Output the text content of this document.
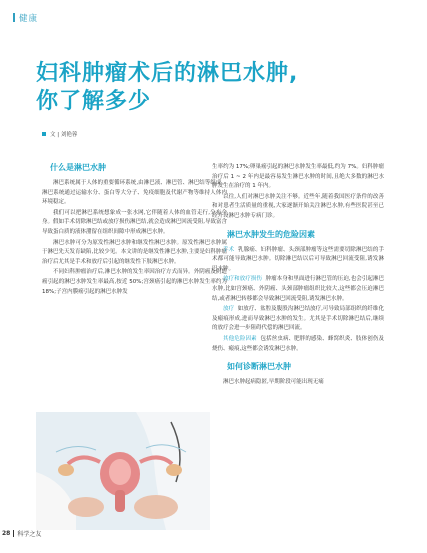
健康
妇科肿瘤术后的淋巴水肿,
你了解多少
文 | 刘艳蓉
什么是淋巴水肿

淋巴系统属于人体的重要循环系统,由淋巴液、淋巴管、淋巴结等组成。淋巴系统通过运输水分、蛋白等大分子、免疫细胞及代谢产物等维持人体内环境稳定。

我们可以把淋巴系统想象成一张水网,它伴随着人体的血管走行,分布全身。假如手术切除淋巴结或放疗损伤淋巴结,就会造成淋巴回流受阻,导致富含导致蛋白质的液体潴留在组织间隙中形成淋巴水肿。

淋巴水肿可分为原发性淋巴水肿和继发性淋巴水肿。原发性淋巴水肿属于淋巴先天发育缺陷,比较少见。本文讲的是继发性淋巴水肿,主要是妇科肿瘤治疗后尤其是手术和放疗后引起的继发性下肢淋巴水肿。

不同妇科肿瘤治疗后,淋巴水肿的发生率因治疗方式而异。外阴癌及阴道癌引起的淋巴水肿发生率最高,按近 50%;宫颈癌引起的淋巴水肿发生率约为 18%;子宫内膜癌引起的淋巴水肿发

生率约为 17%;卵巢癌引起的淋巴水肿发生率最低,约为 7%。妇科肿瘤治疗后 1 ~ 2 年内是最容易发生淋巴水肿的时间,且绝大多数的淋巴水肿发生在治疗的 1 年内。

以往,人们对淋巴水肿关注不够。近些年,随着我国医疗条件的改善和对患者生活质量的重视,大家逐渐开始关注淋巴水肿,有些医院甚至已经开设淋巴水肿专病门诊。

淋巴水肿发生的危险因素

手术 乳腺癌、妇科肿瘤、头颈部肿瘤等这些需要切除淋巴结的手术都可能导致淋巴水肿。切除淋巴结以后可导致淋巴回流受阻,诱发淋巴水肿。

放疗和放疗损伤 肿瘤本身和里面进行淋巴管的压迫,也会引起淋巴水肿,比如宫颈癌、外阴癌、头颈部肿瘤组织比较大,这些都会压迫淋巴结,或者淋巴转移都会导致淋巴回流受阻,诱发淋巴水肿。

放疗 如放疗、盆腔及腹股沟淋巴结放疗,可导致局部组织的纤维化及瘢痕形成,进而导致淋巴水肿的发生。尤其是手术切除淋巴结后,继续的放疗会进一步阻碍代偿的淋巴回流。

其他危险因素 包括丝虫病、肥胖的感染、蜂窝织炎、肢体创伤及烧伤、瘢痕,这些都会诱发淋巴水肿。

如何诊断淋巴水肿

淋巴水肿起病隐匿,早期阶段可能出现无痛

28 科学之友
